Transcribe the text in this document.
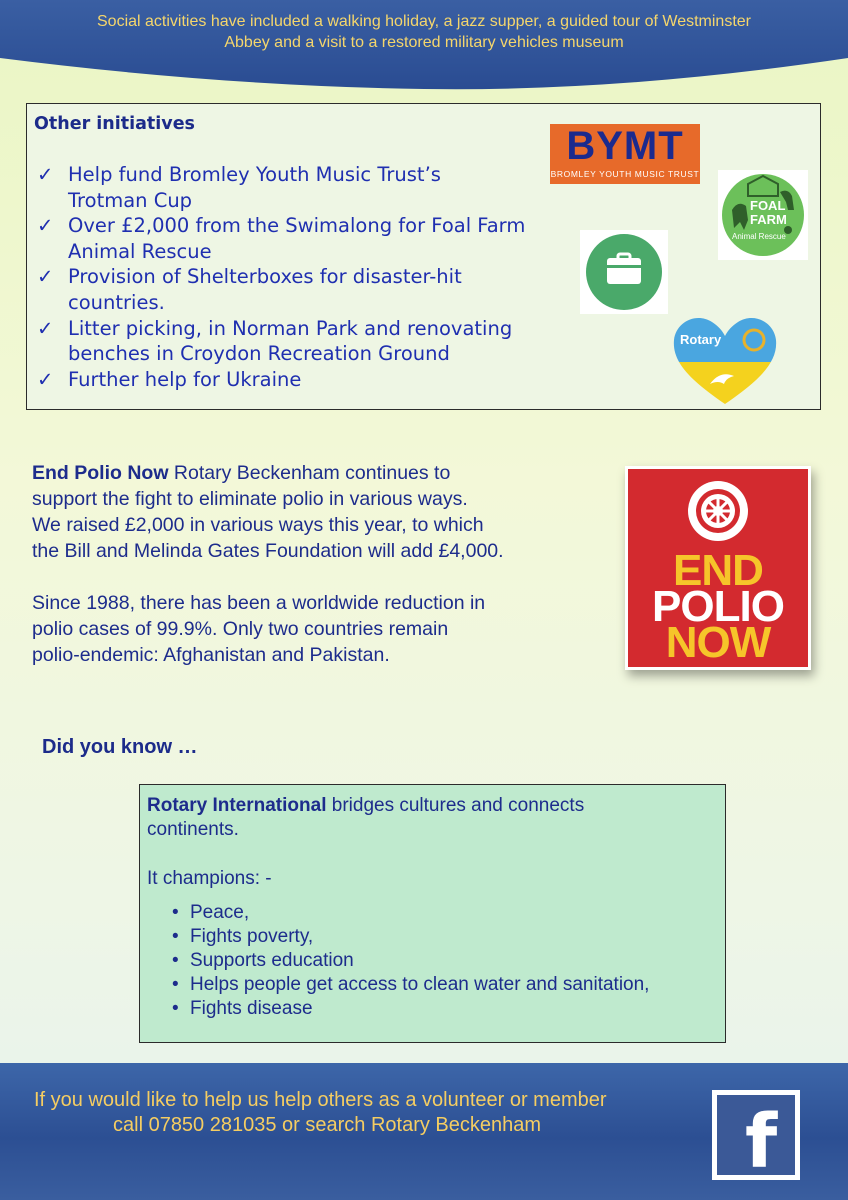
Social activities have included a walking holiday, a jazz supper, a guided tour of Westminster
Abbey and a visit to a restored military vehicles museum
Other initiatives
✓ Help fund Bromley Youth Music Trust’s
Trotman Cup
✓ Over £2,000 from the Swimalong for Foal Farm
Animal Rescue
✓ Provision of Shelterboxes for disaster-hit
countries.
✓ Litter picking, in Norman Park and renovating
benches in Croydon Recreation Ground
✓ Further help for Ukraine
BYMT
BROMLEY YOUTH MUSIC TRUST
FOAL
FARM
Animal Rescue
Rotary

End Polio Now Rotary Beckenham continues to
support the fight to eliminate polio in various ways.
We raised £2,000 in various ways this year, to which
the Bill and Melinda Gates Foundation will add £4,000.

Since 1988, there has been a worldwide reduction in
polio cases of 99.9%. Only two countries remain
polio-endemic: Afghanistan and Pakistan.

END
POLIO
NOW
Did you know …
Rotary International bridges cultures and connects
continents.
It champions: -
• Peace,
• Fights poverty,
• Supports education
• Helps people get access to clean water and sanitation,
• Fights disease
If you would like to help us help others as a volunteer or member
call 07850 281035 or search Rotary Beckenham	f
